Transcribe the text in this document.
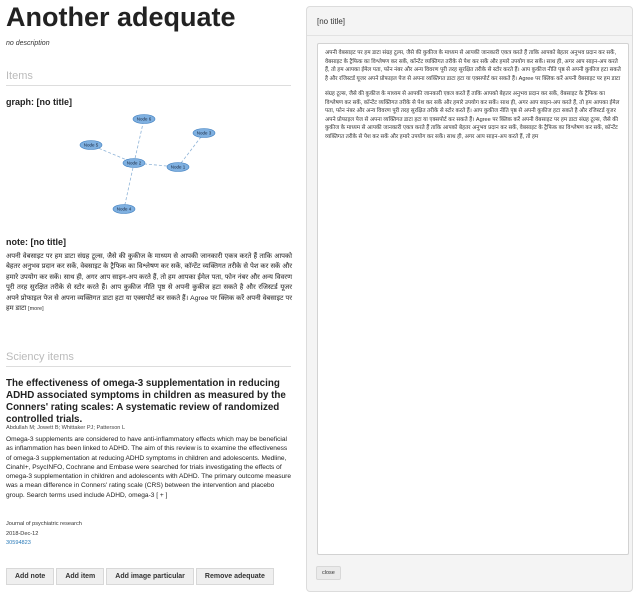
Another adequate
no description
Items
graph: [no title]
Node 6
Node 3
Node 5
Node 2
Node 1
Node 4
note: [no title]
अपनी वेबसाइट पर हम डाटा संग्रह टूल्स, जैसे की कुकीज के माध्यम से आपकी जानकारी एकत्र करते हैं ताकि आपको बेहतर अनुभव प्रदान कर सकें, वेबसाइट के ट्रैफिक का विश्लेषण कर सकें, कॉन्टेंट व्यक्तिगत तरीके से पेश कर सकें और हमारे उपयोग कर सकें। साथ ही, अगर आप साइन-अप करते हैं, तो हम आपका ईमेल पता, फोन नंबर और अन्य विवरण पूरी तरह सुरक्षित तरीके से स्टोर करते हैं। आप कुकीज नीति पृष्ठ से अपनी कुकीज हटा सकते है और रजिस्टर्ड यूजर अपने प्रोफाइल पेज से अपना व्यक्तिगत डाटा हटा या एक्सपोर्ट कर सकते हैं। Agree पर क्लिक करें अपनी वेबसाइट पर हम डाटा [more]
Sciency items
The effectiveness of omega-3 supplementation in reducing ADHD associated symptoms in children as measured by the Conners' rating scales: A systematic review of randomized controlled trials.
Abdullah M; Jowett B; Whittaker PJ; Patterson L
Omega-3 supplements are considered to have anti-inflammatory effects which may be beneficial as inflammation has been linked to ADHD. The aim of this review is to examine the effectiveness of omega-3 supplementation at reducing ADHD symptoms in children and adolescents. Medline, Cinahl+, PsycINFO, Cochrane and Embase were searched for trials investigating the effects of omega-3 supplementation in children and adolescents with ADHD. The primary outcome measure was a mean difference in Conners' rating scale (CRS) between the intervention and placebo group. Search terms used include ADHD, omega-3 [ + ]
Journal of psychiatric research
2018-Dec-12
30594823
Add note	Add item	Add image particular	Remove adequate
[no title]

अपनी वेबसाइट पर हम डाटा संग्रह टूल्स, जैसे की कुकीज के माध्यम से आपकी जानकारी एकत्र करते हैं ताकि आपको बेहतर अनुभव प्रदान कर सकें, वेबसाइट के ट्रैफिक का विश्लेषण कर सकें, कॉन्टेंट व्यक्तिगत तरीके से पेश कर सकें और हमारे उपयोग कर सकें। साथ ही, अगर आप साइन-अप करते हैं, तो हम आपका ईमेल पता, फोन नंबर और अन्य विवरण पूरी तरह सुरक्षित तरीके से स्टोर करते हैं। आप कुकीज नीति पृष्ठ से अपनी कुकीज हटा सकते है और रजिस्टर्ड यूजर अपने प्रोफाइल पेज से अपना व्यक्तिगत डाटा हटा या एक्सपोर्ट कर सकते हैं। Agree पर क्लिक करें अपनी वेबसाइट पर हम डाटा

संग्रह टूल्स, जैसे की कुकीज के माध्यम से आपकी जानकारी एकत्र करते हैं ताकि आपको बेहतर अनुभव प्रदान कर सकें, वेबसाइट के ट्रैफिक का विश्लेषण कर सकें, कॉन्टेंट व्यक्तिगत तरीके से पेश कर सकें और हमारे उपयोग कर सकें। साथ ही, अगर आप साइन-अप करते हैं, तो हम आपका ईमेल पता, फोन नंबर और अन्य विवरण पूरी तरह सुरक्षित तरीके से स्टोर करते हैं। आप कुकीज नीति पृष्ठ से अपनी कुकीज हटा सकते है और रजिस्टर्ड यूजर अपने प्रोफाइल पेज से अपना व्यक्तिगत डाटा हटा या एक्सपोर्ट कर सकते हैं। Agree पर क्लिक करें अपनी वेबसाइट पर हम डाटा संग्रह टूल्स, जैसे की कुकीज के माध्यम से आपकी जानकारी एकत्र करते हैं ताकि आपको बेहतर अनुभव प्रदान कर सकें, वेबसाइट के ट्रैफिक का विश्लेषण कर सकें, कॉन्टेंट व्यक्तिगत तरीके से पेश कर सकें और हमारे उपयोग कर सकें। साथ ही, अगर आप साइन-अप करते हैं, तो हम

close
